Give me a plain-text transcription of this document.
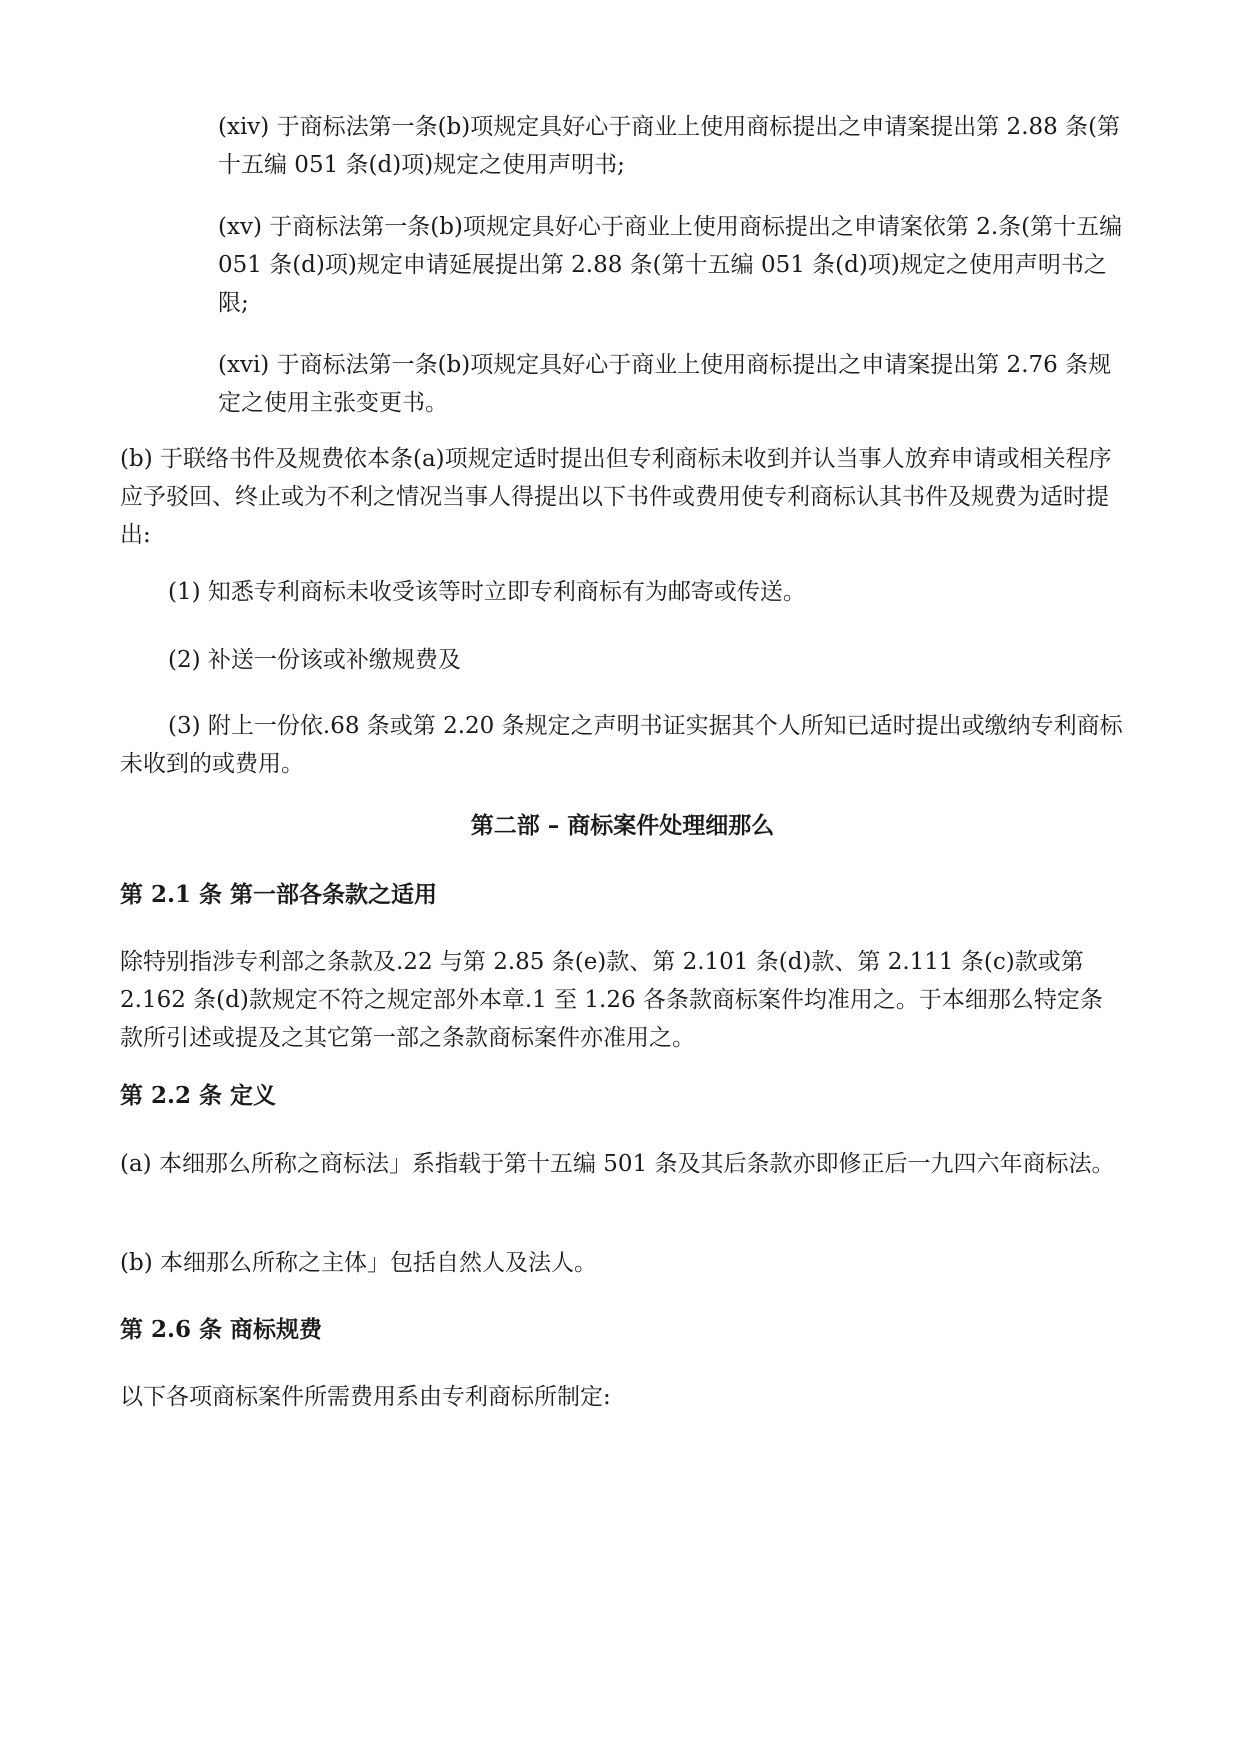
(xiv) 于商标法第一条(b)项规定具好心于商业上使用商标提出之申请案提出第 2.88 条(第十五编 051 条(d)项)规定之使用声明书;

(xv) 于商标法第一条(b)项规定具好心于商业上使用商标提出之申请案依第 2.条(第十五编 051 条(d)项)规定申请延展提出第 2.88 条(第十五编 051 条(d)项)规定之使用声明书之限;

(xvi) 于商标法第一条(b)项规定具好心于商业上使用商标提出之申请案提出第 2.76 条规定之使用主张变更书。

(b) 于联络书件及规费依本条(a)项规定适时提出但专利商标未收到并认当事人放弃申请或相关程序应予驳回、终止或为不利之情况当事人得提出以下书件或费用使专利商标认其书件及规费为适时提出:

(1) 知悉专利商标未收受该等时立即专利商标有为邮寄或传送。

(2) 补送一份该或补缴规费及

(3) 附上一份依.68 条或第 2.20 条规定之声明书证实据其个人所知已适时提出或缴纳专利商标未收到的或费用。

第二部 – 商标案件处理细那么

第 2.1 条 第一部各条款之适用

除特别指涉专利部之条款及.22 与第 2.85 条(e)款、第 2.101 条(d)款、第 2.111 条(c)款或第 2.162 条(d)款规定不符之规定部外本章.1 至 1.26 各条款商标案件均准用之。于本细那么特定条款所引述或提及之其它第一部之条款商标案件亦准用之。

第 2.2 条 定义

(a) 本细那么所称之商标法」系指载于第十五编 501 条及其后条款亦即修正后一九四六年商标法。

(b) 本细那么所称之主体」包括自然人及法人。

第 2.6 条 商标规费

以下各项商标案件所需费用系由专利商标所制定:
